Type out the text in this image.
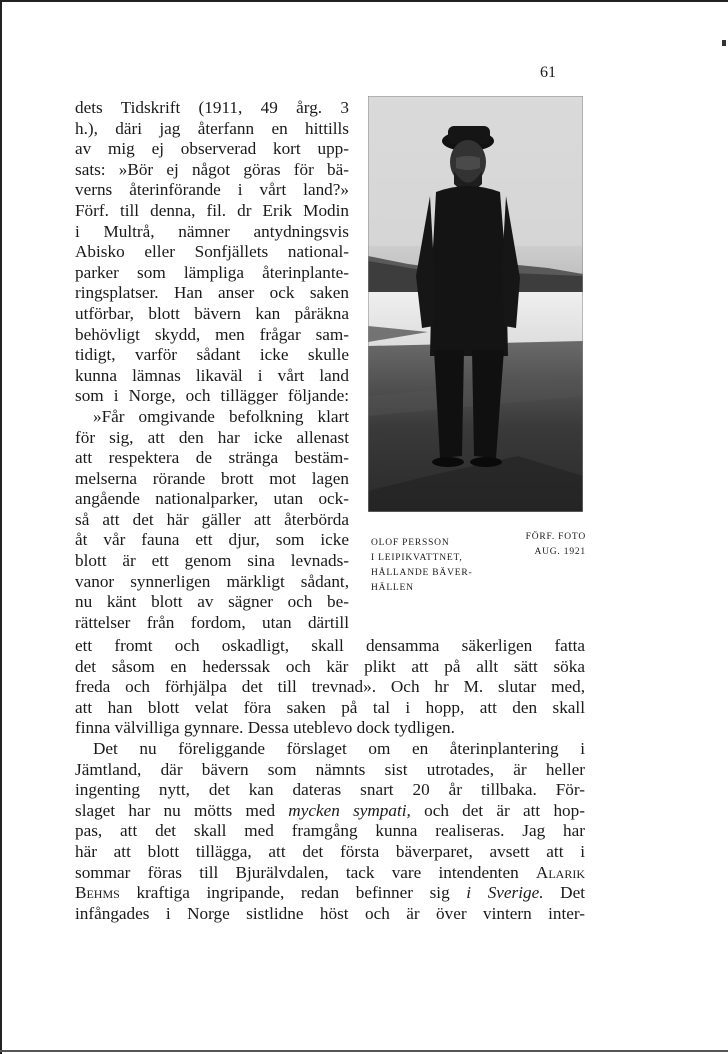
61
dets Tidskrift (1911, 49 årg. 3
h.), däri jag återfann en hittills
av mig ej observerad kort upp-
sats: »Bör ej något göras för bä-
verns återinförande i vårt land?»
Förf. till denna, fil. dr Erik Modin
i Multrå, nämner antydningsvis
Abisko eller Sonfjällets national-
parker som lämpliga återinplante-
ringsplatser. Han anser ock saken
utförbar, blott bävern kan påräkna
behövligt skydd, men frågar sam-
tidigt, varför sådant icke skulle
kunna lämnas likaväl i vårt land
som i Norge, och tillägger följande:
»Får omgivande befolkning klart
för sig, att den har icke allenast
att respektera de stränga bestäm-
melserna rörande brott mot lagen
angående nationalparker, utan ock-
så att det här gäller att återbörda
åt vår fauna ett djur, som icke
blott är ett genom sina levnads-
vanor synnerligen märkligt sådant,
nu känt blott av sägner och be-
rättelser från fordom, utan därtill
OLOF PERSSON
I LEIPIKVATTNET,
HÅLLANDE BÄVER-
HÄLLEN
FÖRF. FOTO
AUG. 1921
ett fromt och oskadligt, skall densamma säkerligen fatta
det såsom en hederssak och kär plikt att på allt sätt söka
freda och förhjälpa det till trevnad». Och hr M. slutar med,
att han blott velat föra saken på tal i hopp, att den skall
finna välvilliga gynnare. Dessa uteblevo dock tydligen.
Det nu föreliggande förslaget om en återinplantering i
Jämtland, där bävern som nämnts sist utrotades, är heller
ingenting nytt, det kan dateras snart 20 år tillbaka. För-
slaget har nu mötts med mycken sympati, och det är att hop-
pas, att det skall med framgång kunna realiseras. Jag har
här att blott tillägga, att det första bäverparet, avsett att i
sommar föras till Bjurälvdalen, tack vare intendenten Alarik
Behms kraftiga ingripande, redan befinner sig i Sverige. Det
infångades i Norge sistlidne höst och är över vintern inter-
